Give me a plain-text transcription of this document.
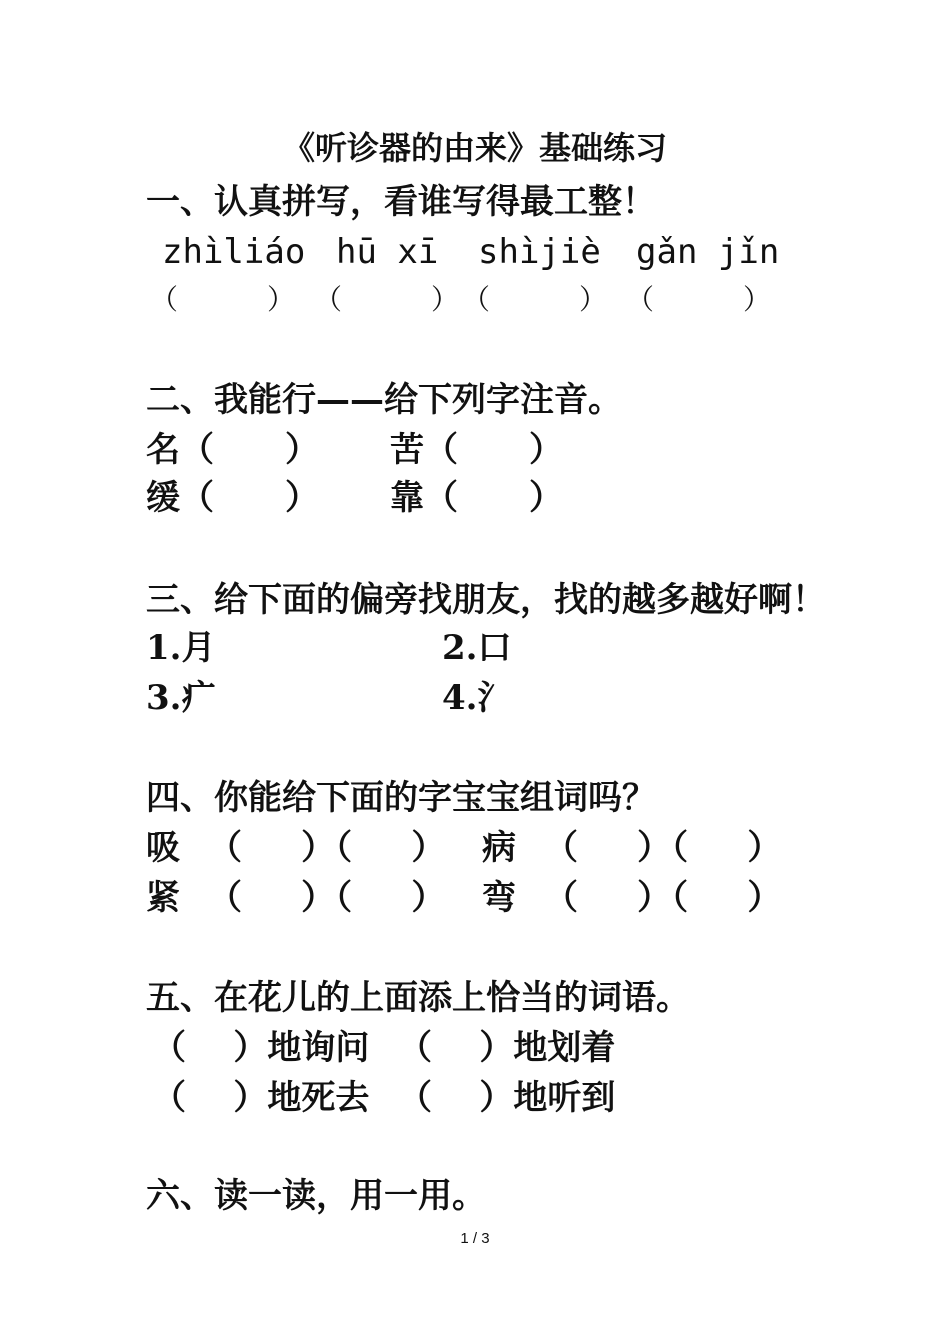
《听诊器的由来》基础练习
一、认真拼写，看谁写得最工整！
zhìliáo hū xī shìjiè gǎn jǐn
（          ） （          ） （          ） （          ）
二、我能行——给下列字注音。
名（      ） 苦（      ）
缓（      ） 靠（      ）
三、给下面的偏旁找朋友，找的越多越好啊！
1.月	2.口
3.疒	4.氵
四、你能给下面的字宝宝组词吗？
吸 （     ）（     ） 病 （     ）（     ）
紧 （     ）（     ） 弯 （     ）（     ）
五、在花儿的上面添上恰当的词语。
（    ）地询问 （    ）地划着
（    ）地死去 （    ）地听到
六、读一读，用一用。
1 / 3
